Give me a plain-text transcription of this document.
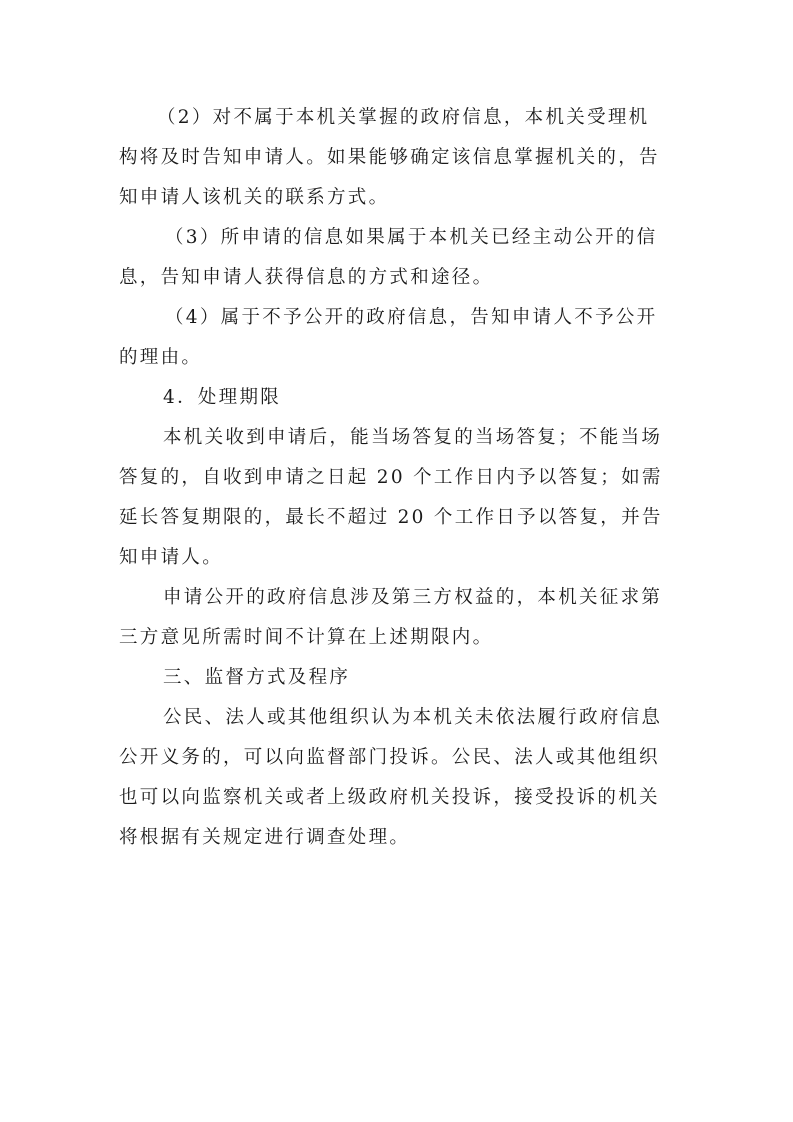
（2）对不属于本机关掌握的政府信息，本机关受理机
构将及时告知申请人。如果能够确定该信息掌握机关的，告
知申请人该机关的联系方式。
（3）所申请的信息如果属于本机关已经主动公开的信
息，告知申请人获得信息的方式和途径。
（4）属于不予公开的政府信息，告知申请人不予公开
的理由。
4．处理期限
本机关收到申请后，能当场答复的当场答复；不能当场
答复的，自收到申请之日起 20 个工作日内予以答复；如需
延长答复期限的，最长不超过 20 个工作日予以答复，并告
知申请人。
申请公开的政府信息涉及第三方权益的，本机关征求第
三方意见所需时间不计算在上述期限内。
三、监督方式及程序
公民、法人或其他组织认为本机关未依法履行政府信息
公开义务的，可以向监督部门投诉。公民、法人或其他组织
也可以向监察机关或者上级政府机关投诉，接受投诉的机关
将根据有关规定进行调查处理。
